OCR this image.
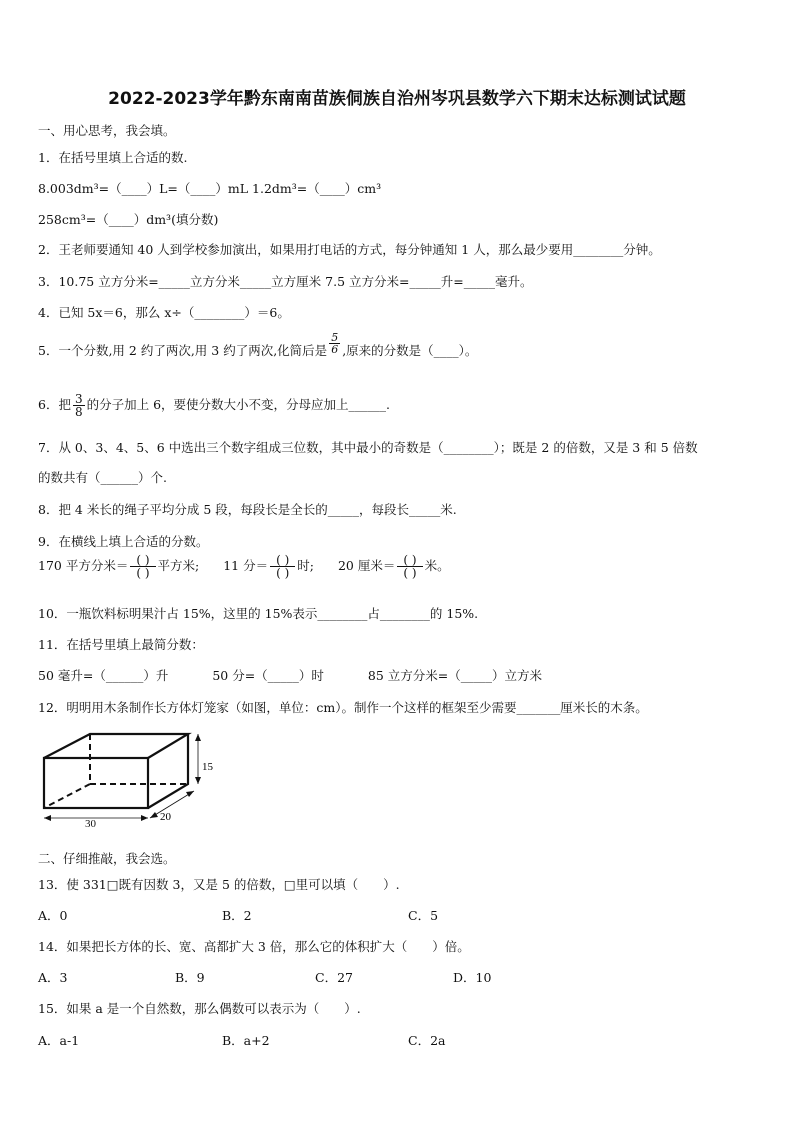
2022-2023学年黔东南南苗族侗族自治州岑巩县数学六下期末达标测试试题
一、用心思考，我会填。
1．在括号里填上合适的数.
8.003dm³=（____）L=（____）mL 1.2dm³=（____）cm³
258cm³=（____）dm³(填分数)
2．王老师要通知 40 人到学校参加演出，如果用打电话的方式，每分钟通知 1 人，那么最少要用________分钟。
3．10.75 立方分米=_____立方分米_____立方厘米 7.5 立方分米=_____升=_____毫升。
4．已知 5x＝6，那么 x÷（________）＝6。
5．一个分数,用 2 约了两次,用 3 约了两次,化简后是 $\frac{5}{6}$ ,原来的分数是（____）。
6．把 $\frac{3}{8}$ 的分子加上 6，要使分数大小不变，分母应加上______.
7．从 0、3、4、5、6 中选出三个数字组成三位数，其中最小的奇数是（________）；既是 2 的倍数，又是 3 和 5 倍数
的数共有（______）个.
8．把 4 米长的绳子平均分成 5 段，每段长是全长的_____，每段长_____米.
9．在横线上填上合适的分数。
170 平方分米＝ $\frac{( )}{( )}$ 平方米; 11 分＝ $\frac{( )}{( )}$ 时; 20 厘米＝ $\frac{( )}{( )}$ 米。
10．一瓶饮料标明果汁占 15%，这里的 15%表示________占________的 15%.
11．在括号里填上最简分数：
50 毫升=（______）升	50 分=（_____）时	85 立方分米=（_____）立方米
12．明明用木条制作长方体灯笼家（如图，单位：cm）。制作一个这样的框架至少需要_______厘米长的木条。
15
30
20
二、仔细推敲，我会选。
13．使 331□既有因数 3，又是 5 的倍数，□里可以填（　　）.
A．0	B．2	C．5
14．如果把长方体的长、宽、高都扩大 3 倍，那么它的体积扩大（　　）倍。
A．3	B．9	C．27	D．10
15．如果 a 是一个自然数，那么偶数可以表示为（　　）.
A．a-1	B．a+2	C．2a
